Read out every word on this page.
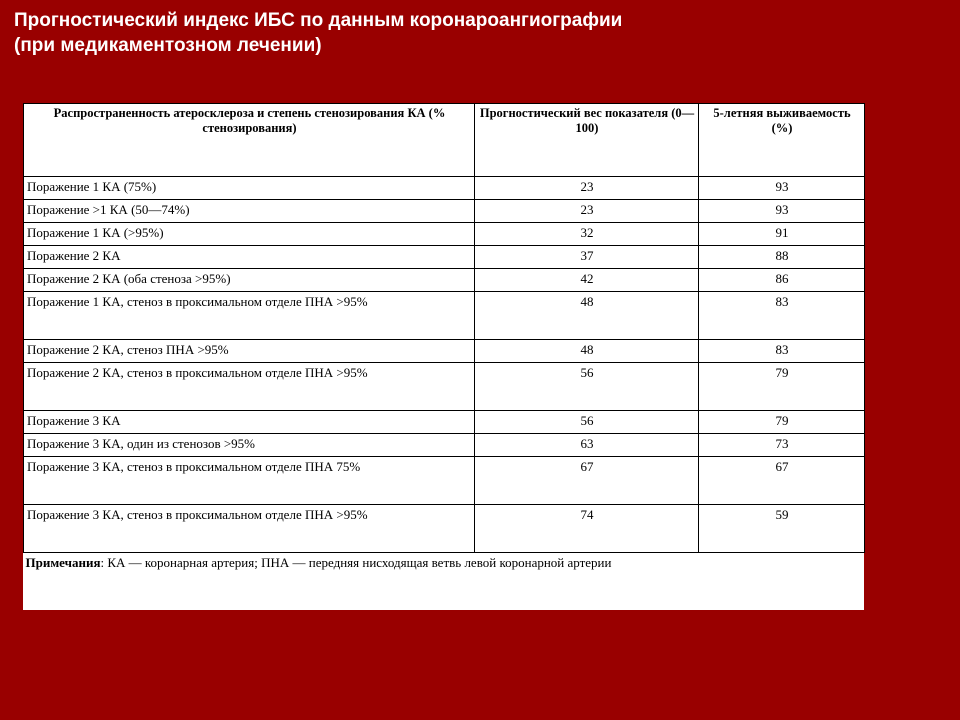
Прогностический индекс ИБС по данным коронароангиографии
(при медикаментозном лечении)
Распространенность атеросклероза и степень стенозирования КА (% стенозирования)	Прогностический вес показателя (0—100)	5-летняя выживаемость (%)
Поражение 1 КА (75%)	23	93
Поражение >1 КА (50—74%)	23	93
Поражение 1 КА (>95%)	32	91
Поражение 2 КА	37	88
Поражение 2 КА (оба стеноза >95%)	42	86
Поражение 1 КА, стеноз в проксимальном отделе ПНА >95%	48	83
Поражение 2 КА, стеноз ПНА >95%	48	83
Поражение 2 КА, стеноз в проксимальном отделе ПНА >95%	56	79
Поражение 3 КА	56	79
Поражение 3 КА, один из стенозов >95%	63	73
Поражение 3 КА, стеноз в проксимальном отделе ПНА 75%	67	67
Поражение 3 КА, стеноз в проксимальном отделе ПНА >95%	74	59
Примечания: КА — коронарная артерия; ПНА — передняя нисходящая ветвь левой коронарной артерии		
